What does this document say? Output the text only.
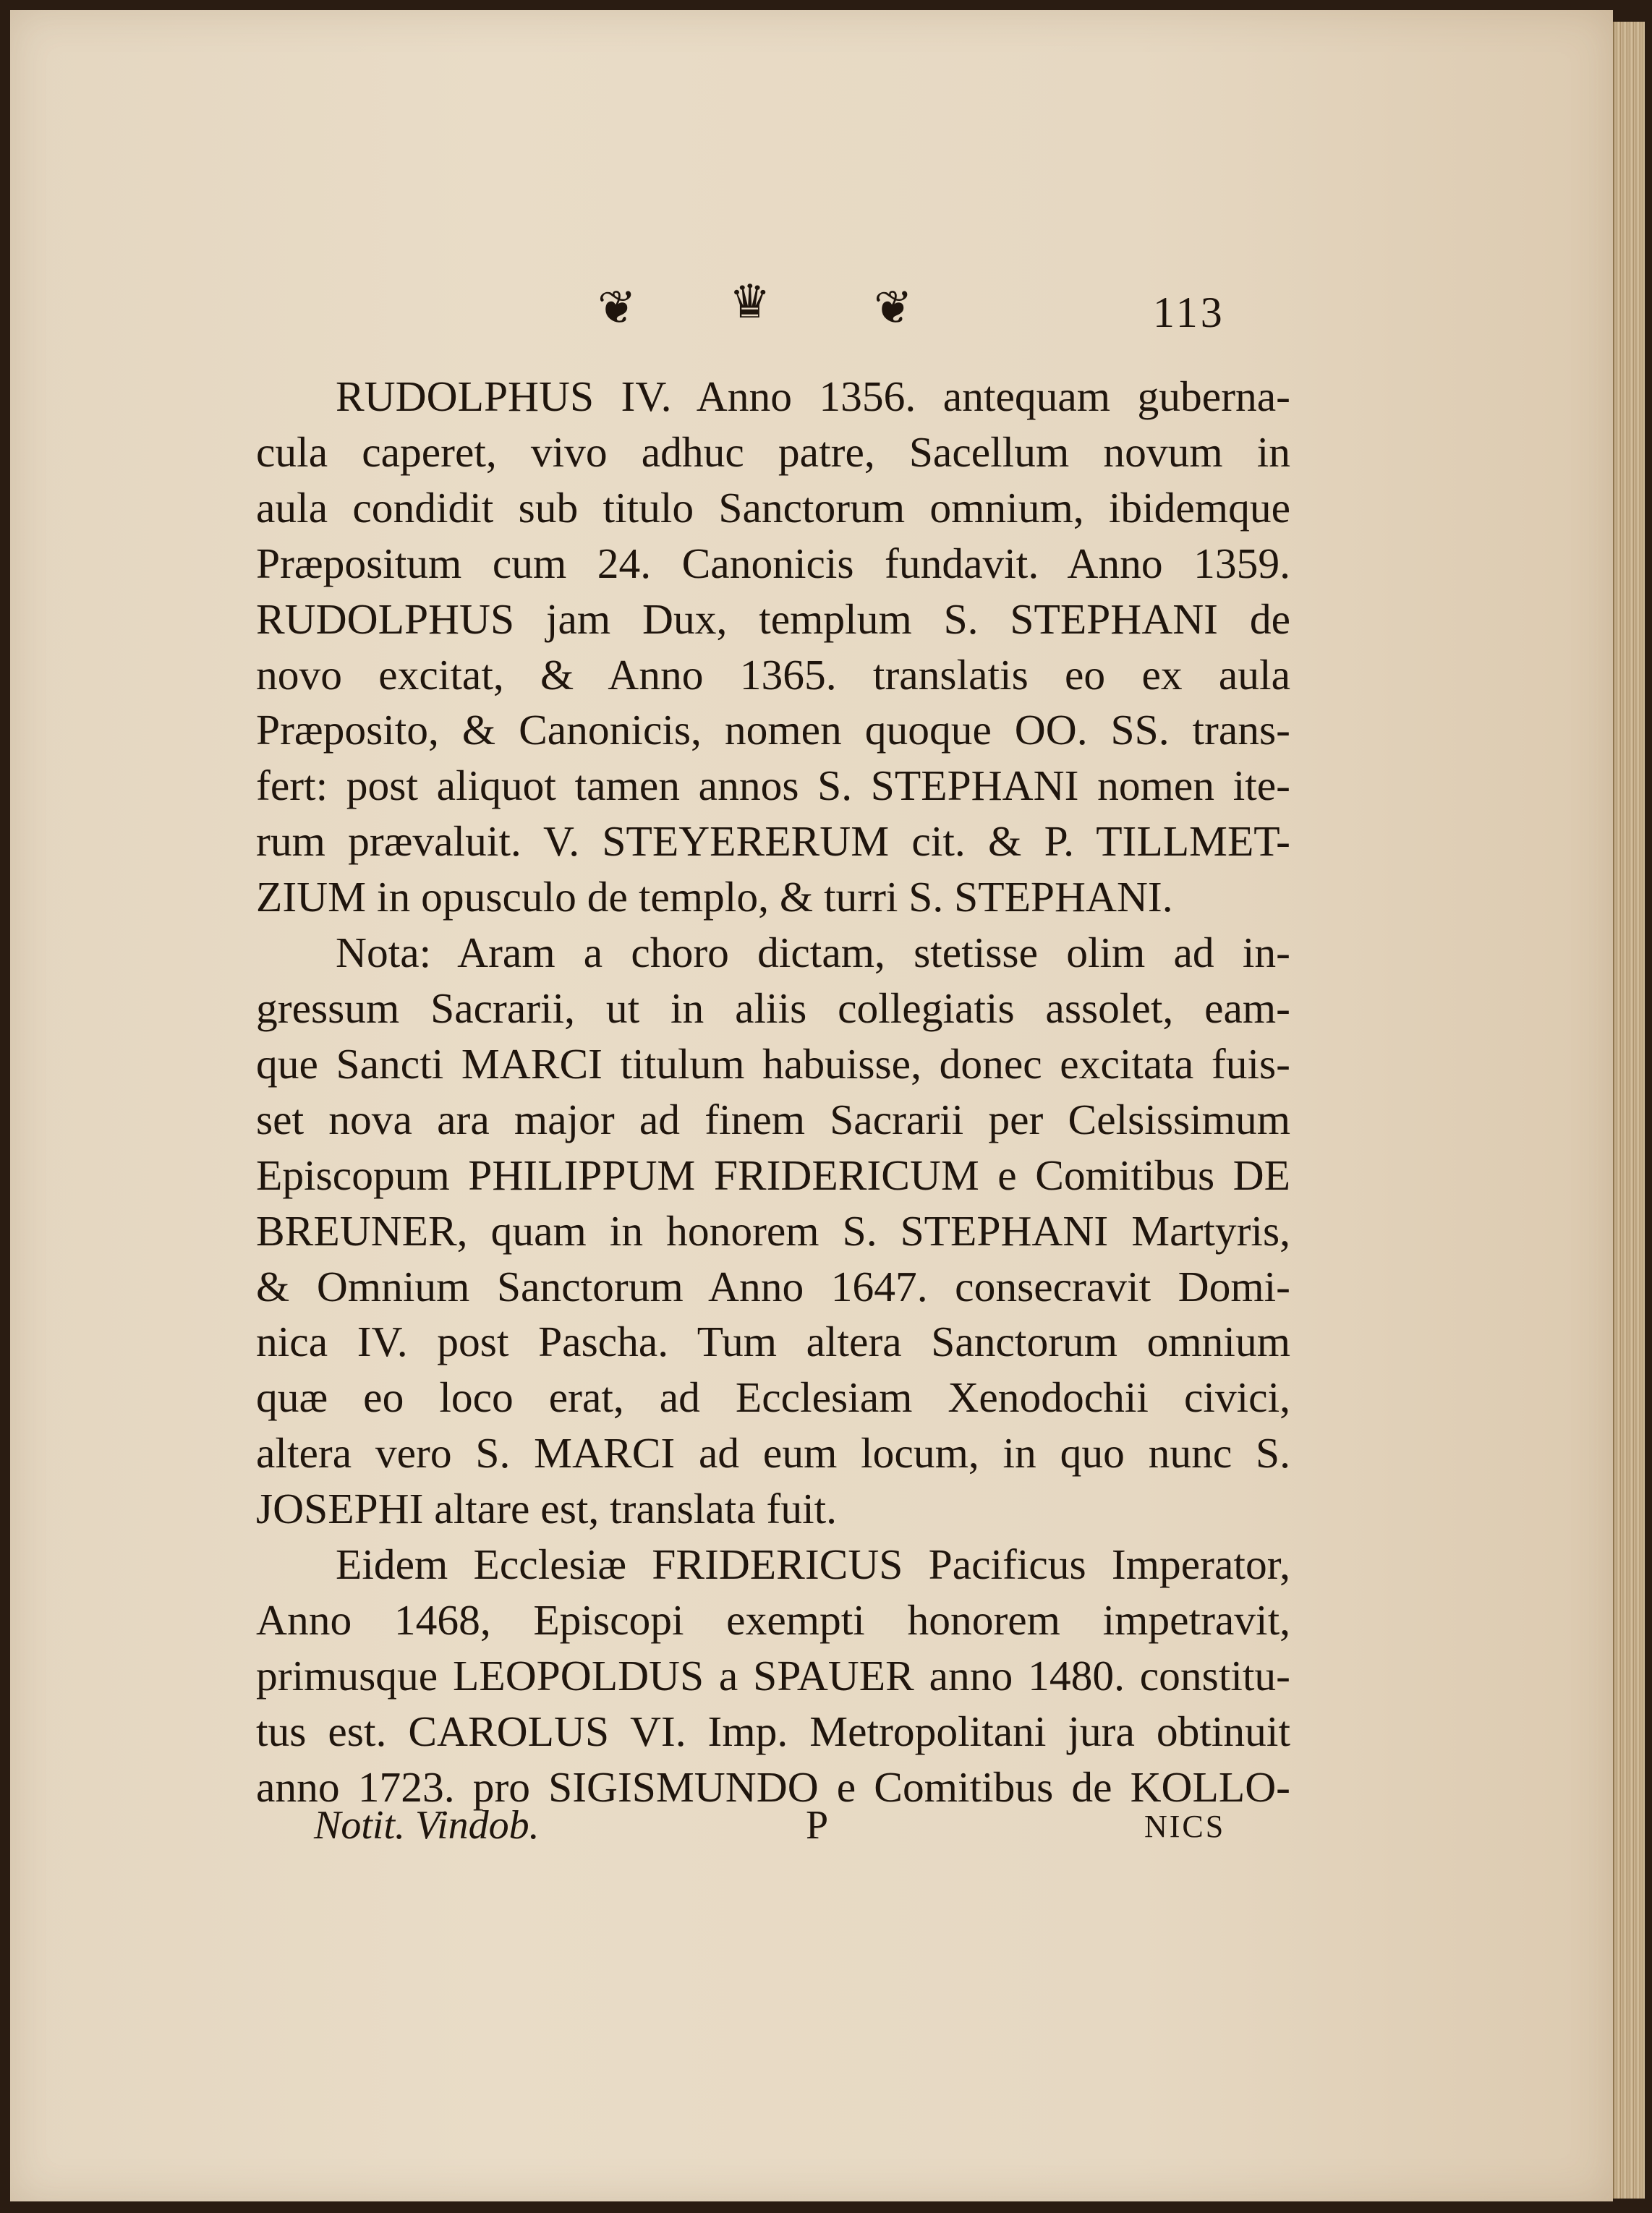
❦ ♛ ❦	113
RUDOLPHUS IV. Anno 1356. antequam guberna-
cula caperet, vivo adhuc patre, Sacellum novum in
aula condidit sub titulo Sanctorum omnium, ibidemque
Præpositum cum 24. Canonicis fundavit. Anno 1359.
RUDOLPHUS jam Dux, templum S. STEPHANI de
novo excitat, & Anno 1365. translatis eo ex aula
Præposito, & Canonicis, nomen quoque OO. SS. trans-
fert: post aliquot tamen annos S. STEPHANI nomen ite-
rum prævaluit. V. STEYERERUM cit. & P. TILLMET-
ZIUM in opusculo de templo, & turri S. STEPHANI.
Nota: Aram a choro dictam, stetisse olim ad in-
gressum Sacrarii, ut in aliis collegiatis assolet, eam-
que Sancti MARCI titulum habuisse, donec excitata fuis-
set nova ara major ad finem Sacrarii per Celsissimum
Episcopum PHILIPPUM FRIDERICUM e Comitibus DE
BREUNER, quam in honorem S. STEPHANI Martyris,
& Omnium Sanctorum Anno 1647. consecravit Domi-
nica IV. post Pascha. Tum altera Sanctorum omnium
quæ eo loco erat, ad Ecclesiam Xenodochii civici,
altera vero S. MARCI ad eum locum, in quo nunc S.
JOSEPHI altare est, translata fuit.
Eidem Ecclesiæ FRIDERICUS Pacificus Imperator,
Anno 1468, Episcopi exempti honorem impetravit,
primusque LEOPOLDUS a SPAUER anno 1480. constitu-
tus est. CAROLUS VI. Imp. Metropolitani jura obtinuit
anno 1723. pro SIGISMUNDO e Comitibus de KOLLO-
Notit. Vindob.	P	NICS
